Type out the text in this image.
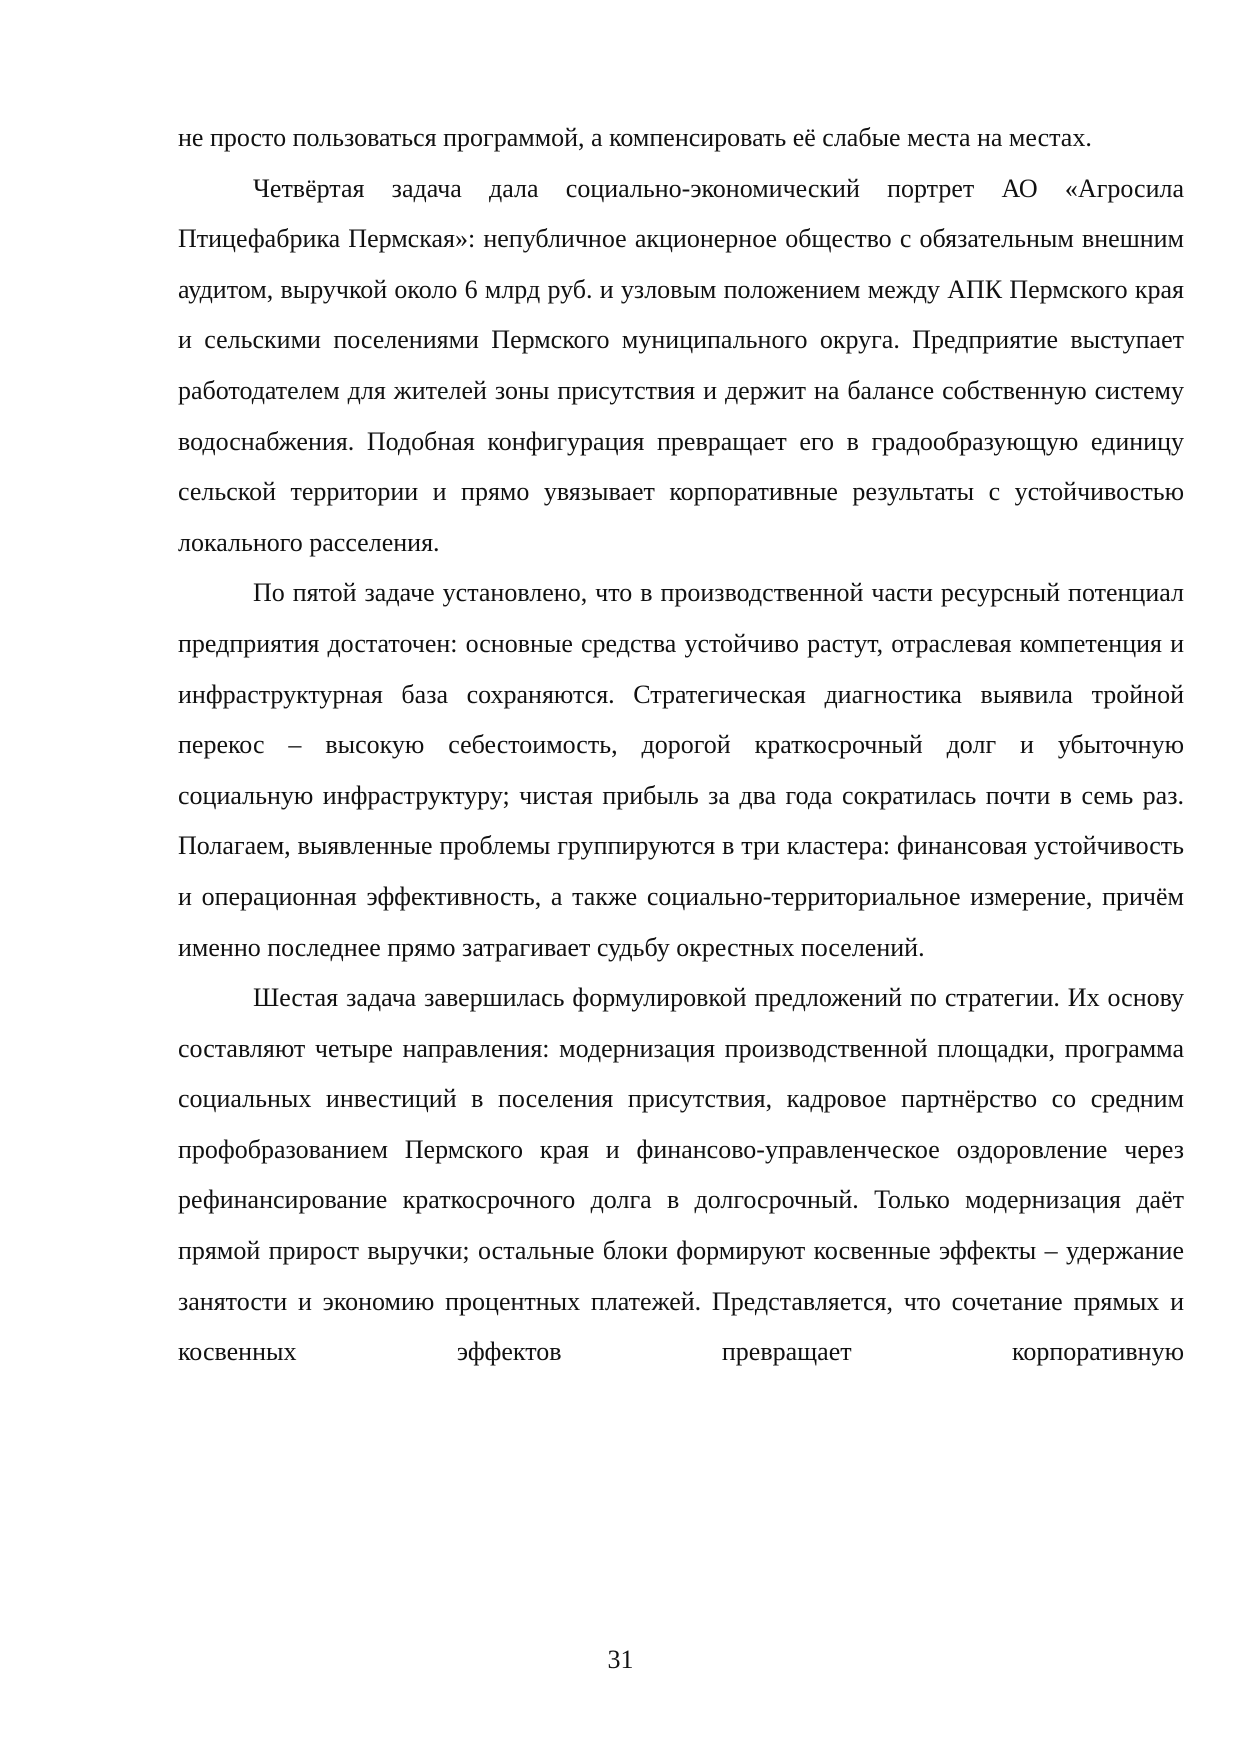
не просто пользоваться программой, а компенсировать её слабые места на местах.

Четвёртая задача дала социально-экономический портрет АО «Агросила Птицефабрика Пермская»: непубличное акционерное общество с обязательным внешним аудитом, выручкой около 6 млрд руб. и узловым положением между АПК Пермского края и сельскими поселениями Пермского муниципального округа. Предприятие выступает работодателем для жителей зоны присутствия и держит на балансе собственную систему водоснабжения. Подобная конфигурация превращает его в градообразующую единицу сельской территории и прямо увязывает корпоративные результаты с устойчивостью локального расселения.

По пятой задаче установлено, что в производственной части ресурсный потенциал предприятия достаточен: основные средства устойчиво растут, отраслевая компетенция и инфраструктурная база сохраняются. Стратегическая диагностика выявила тройной перекос – высокую себестоимость, дорогой краткосрочный долг и убыточную социальную инфраструктуру; чистая прибыль за два года сократилась почти в семь раз. Полагаем, выявленные проблемы группируются в три кластера: финансовая устойчивость и операционная эффективность, а также социально-территориальное измерение, причём именно последнее прямо затрагивает судьбу окрестных поселений.

Шестая задача завершилась формулировкой предложений по стратегии. Их основу составляют четыре направления: модернизация производственной площадки, программа социальных инвестиций в поселения присутствия, кадровое партнёрство со средним профобразованием Пермского края и финансово-управленческое оздоровление через рефинансирование краткосрочного долга в долгосрочный. Только модернизация даёт прямой прирост выручки; остальные блоки формируют косвенные эффекты – удержание занятости и экономию процентных платежей. Представляется, что сочетание прямых и косвенных эффектов превращает корпоративную

31
